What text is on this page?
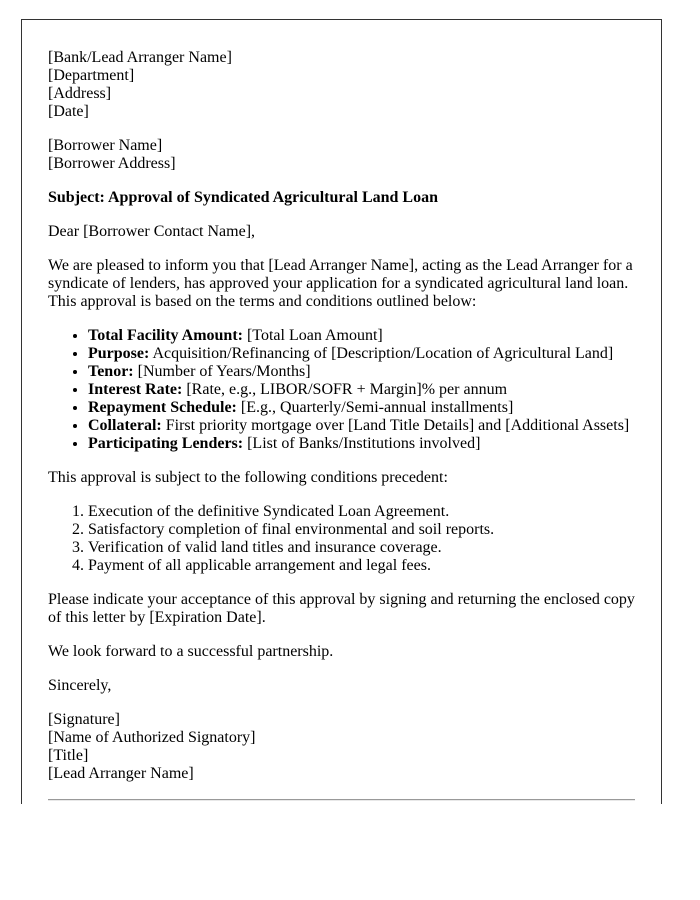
[Bank/Lead Arranger Name]
[Department]
[Address]
[Date]

[Borrower Name]
[Borrower Address]

Subject: Approval of Syndicated Agricultural Land Loan

Dear [Borrower Contact Name],

We are pleased to inform you that [Lead Arranger Name], acting as the Lead Arranger for a syndicate of lenders, has approved your application for a syndicated agricultural land loan. This approval is based on the terms and conditions outlined below:

• Total Facility Amount: [Total Loan Amount]
• Purpose: Acquisition/Refinancing of [Description/Location of Agricultural Land]
• Tenor: [Number of Years/Months]
• Interest Rate: [Rate, e.g., LIBOR/SOFR + Margin]% per annum
• Repayment Schedule: [E.g., Quarterly/Semi-annual installments]
• Collateral: First priority mortgage over [Land Title Details] and [Additional Assets]
• Participating Lenders: [List of Banks/Institutions involved]

This approval is subject to the following conditions precedent:

1. Execution of the definitive Syndicated Loan Agreement.
2. Satisfactory completion of final environmental and soil reports.
3. Verification of valid land titles and insurance coverage.
4. Payment of all applicable arrangement and legal fees.

Please indicate your acceptance of this approval by signing and returning the enclosed copy of this letter by [Expiration Date].

We look forward to a successful partnership.

Sincerely,

[Signature]
[Name of Authorized Signatory]
[Title]
[Lead Arranger Name]
